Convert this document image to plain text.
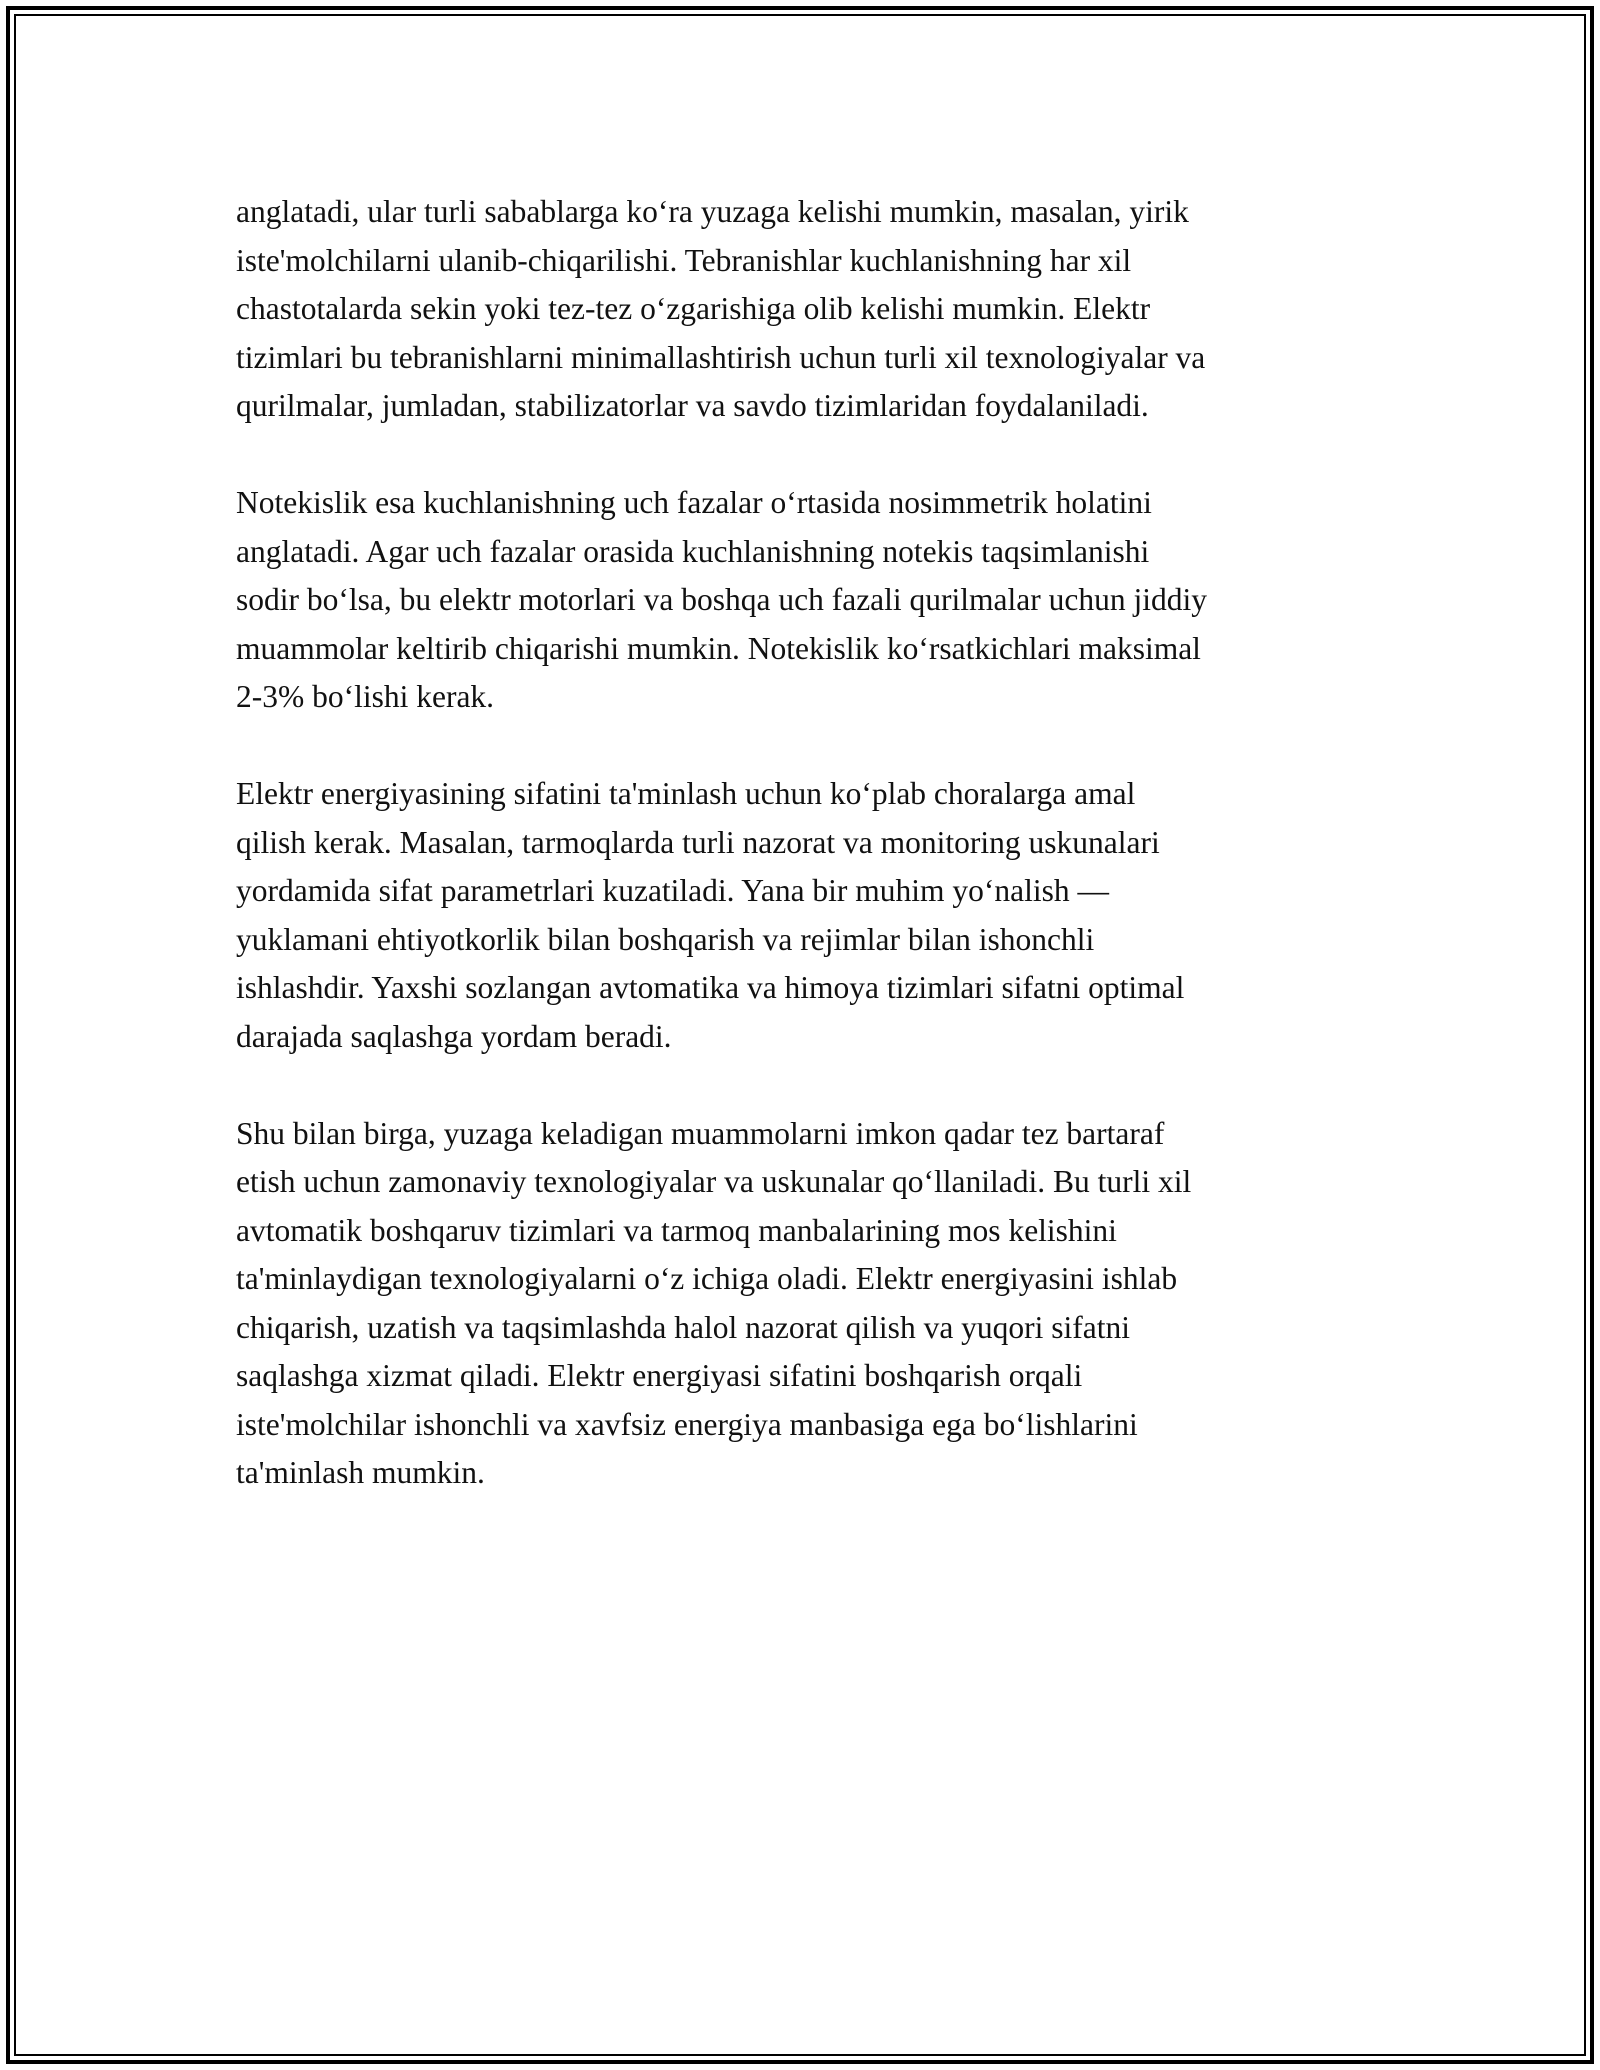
anglatadi, ular turli sabablarga ko‘ra yuzaga kelishi mumkin, masalan, yirik
iste'molchilarni ulanib-chiqarilishi. Tebranishlar kuchlanishning har xil
chastotalarda sekin yoki tez-tez o‘zgarishiga olib kelishi mumkin. Elektr
tizimlari bu tebranishlarni minimallashtirish uchun turli xil texnologiyalar va
qurilmalar, jumladan, stabilizatorlar va savdo tizimlaridan foydalaniladi.

Notekislik esa kuchlanishning uch fazalar o‘rtasida nosimmetrik holatini
anglatadi. Agar uch fazalar orasida kuchlanishning notekis taqsimlanishi
sodir bo‘lsa, bu elektr motorlari va boshqa uch fazali qurilmalar uchun jiddiy
muammolar keltirib chiqarishi mumkin. Notekislik ko‘rsatkichlari maksimal
2-3% bo‘lishi kerak.

Elektr energiyasining sifatini ta'minlash uchun ko‘plab choralarga amal
qilish kerak. Masalan, tarmoqlarda turli nazorat va monitoring uskunalari
yordamida sifat parametrlari kuzatiladi. Yana bir muhim yo‘nalish —
yuklamani ehtiyotkorlik bilan boshqarish va rejimlar bilan ishonchli
ishlashdir. Yaxshi sozlangan avtomatika va himoya tizimlari sifatni optimal
darajada saqlashga yordam beradi.

Shu bilan birga, yuzaga keladigan muammolarni imkon qadar tez bartaraf
etish uchun zamonaviy texnologiyalar va uskunalar qo‘llaniladi. Bu turli xil
avtomatik boshqaruv tizimlari va tarmoq manbalarining mos kelishini
ta'minlaydigan texnologiyalarni o‘z ichiga oladi. Elektr energiyasini ishlab
chiqarish, uzatish va taqsimlashda halol nazorat qilish va yuqori sifatni
saqlashga xizmat qiladi. Elektr energiyasi sifatini boshqarish orqali
iste'molchilar ishonchli va xavfsiz energiya manbasiga ega bo‘lishlarini
ta'minlash mumkin.
